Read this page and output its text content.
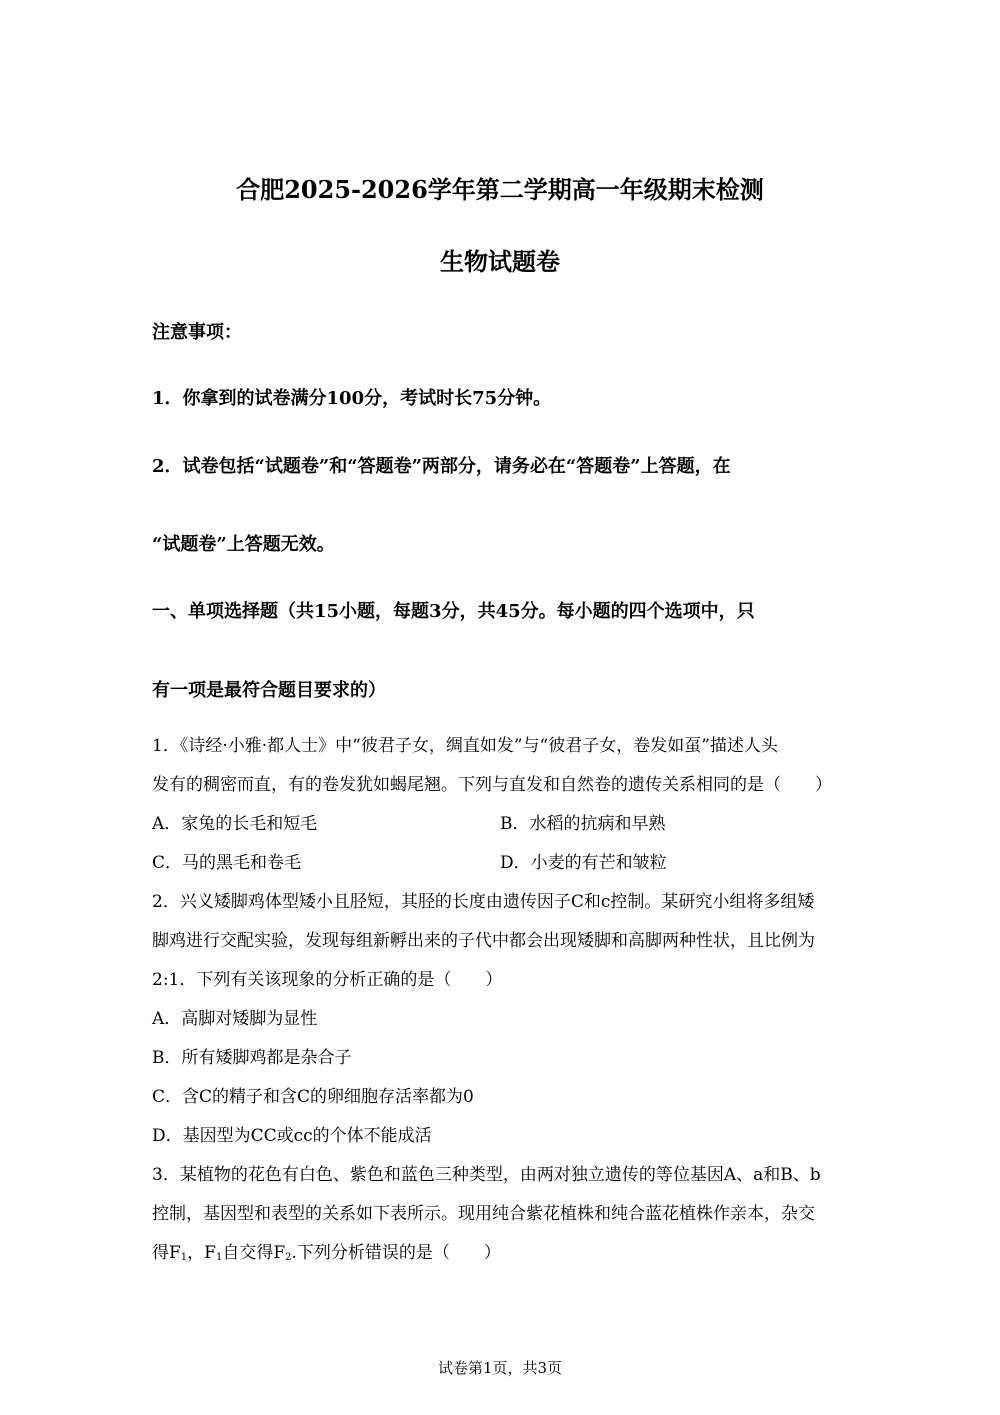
合肥2025-2026学年第二学期高一年级期末检测
生物试题卷
注意事项：
1．你拿到的试卷满分100分，考试时长75分钟。
2．试卷包括“试题卷”和“答题卷”两部分，请务必在“答题卷”上答题，在
“试题卷”上答题无效。
一、单项选择题（共15小题，每题3分，共45分。每小题的四个选项中，只
有一项是最符合题目要求的）
1．《诗经·小雅·都人士》中“彼君子女，绸直如发”与“彼君子女，卷发如虿”描述人头
发有的稠密而直，有的卷发犹如蝎尾翘。下列与直发和自然卷的遗传关系相同的是（　　）
A．家兔的长毛和短毛	B．水稻的抗病和早熟
C．马的黑毛和卷毛	D．小麦的有芒和皱粒
2．兴义矮脚鸡体型矮小且胫短，其胫的长度由遗传因子C和c控制。某研究小组将多组矮
脚鸡进行交配实验，发现每组新孵出来的子代中都会出现矮脚和高脚两种性状，且比例为
2:1．下列有关该现象的分析正确的是（　　）
A．高脚对矮脚为显性
B．所有矮脚鸡都是杂合子
C．含C的精子和含C的卵细胞存活率都为0
D．基因型为CC或cc的个体不能成活
3．某植物的花色有白色、紫色和蓝色三种类型，由两对独立遗传的等位基因A、a和B、b
控制，基因型和表型的关系如下表所示。现用纯合紫花植株和纯合蓝花植株作亲本，杂交
得$F_1$，$F_1$自交得$F_2$.下列分析错误的是（　　）
试卷第1页，共3页
